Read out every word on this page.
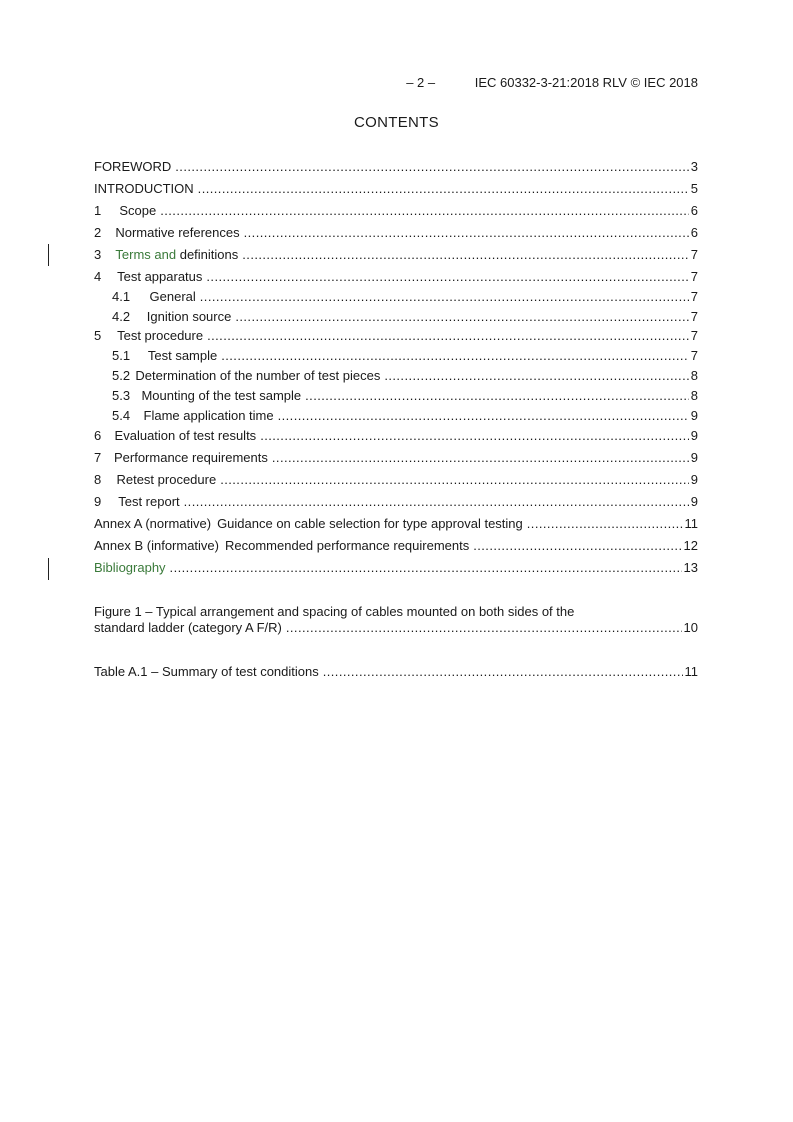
– 2 –	IEC 60332-3-21:2018 RLV © IEC 2018
CONTENTS
FOREWORD . . .	3
INTRODUCTION . . .	5
1	Scope . . .	6
2	Normative references . . .	6
3	Terms and definitions . . .	7
4	Test apparatus . . .	7
4.1	General . . .	7
4.2	Ignition source . . .	7
5	Test procedure . . .	7
5.1	Test sample . . .	7
5.2 Determination of the number of test pieces . . .	8
5.3 Mounting of the test sample . . .	8
5.4	Flame application time . . .	9
6	Evaluation of test results . . .	9
7 Performance requirements . . .	9
8	Retest procedure . . .	9
9	Test report . . .	9
Annex A (normative) Guidance on cable selection for type approval testing . . .	11
Annex B (informative) Recommended performance requirements . . .	12
Bibliography . . .	13
Figure 1 – Typical arrangement and spacing of cables mounted on both sides of the
standard ladder (category A F/R) . . .	10
Table A.1 – Summary of test conditions . . .	11
